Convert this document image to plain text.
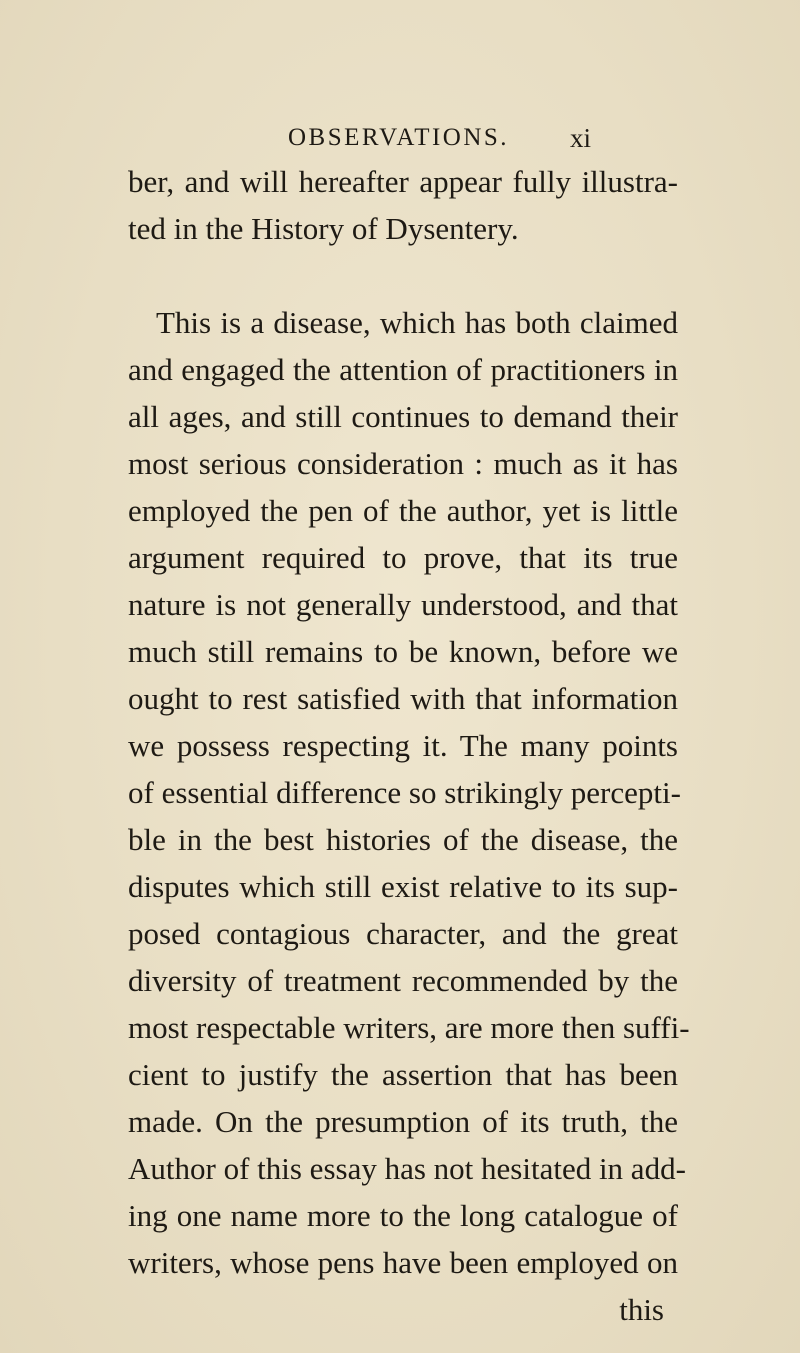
OBSERVATIONS. xi
ber, and will hereafter appear fully illustra-
ted in the History of Dysentery.
This is a disease, which has both claimed
and engaged the attention of practitioners in
all ages, and still continues to demand their
most serious consideration : much as it has
employed the pen of the author, yet is little
argument required to prove, that its true
nature is not generally understood, and that
much still remains to be known, before we
ought to rest satisfied with that information
we possess respecting it. The many points
of essential difference so strikingly percepti-
ble in the best histories of the disease, the
disputes which still exist relative to its sup-
posed contagious character, and the great
diversity of treatment recommended by the
most respectable writers, are more then suffi-
cient to justify the assertion that has been
made. On the presumption of its truth, the
Author of this essay has not hesitated in add-
ing one name more to the long catalogue of
writers, whose pens have been employed on
this
